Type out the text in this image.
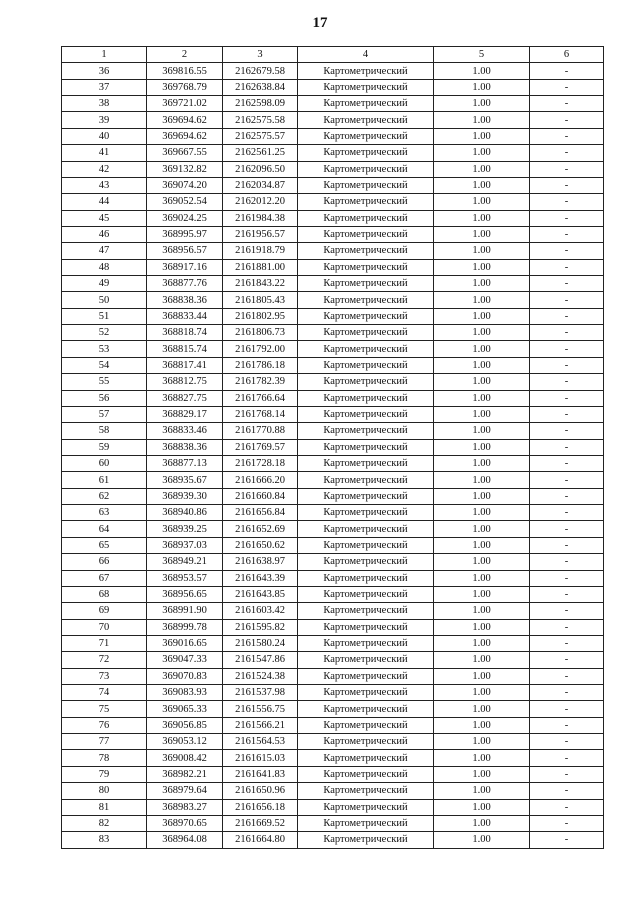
17
1	2	3	4	5	6
36	369816.55	2162679.58	Картометрический	1.00	-
37	369768.79	2162638.84	Картометрический	1.00	-
38	369721.02	2162598.09	Картометрический	1.00	-
39	369694.62	2162575.58	Картометрический	1.00	-
40	369694.62	2162575.57	Картометрический	1.00	-
41	369667.55	2162561.25	Картометрический	1.00	-
42	369132.82	2162096.50	Картометрический	1.00	-
43	369074.20	2162034.87	Картометрический	1.00	-
44	369052.54	2162012.20	Картометрический	1.00	-
45	369024.25	2161984.38	Картометрический	1.00	-
46	368995.97	2161956.57	Картометрический	1.00	-
47	368956.57	2161918.79	Картометрический	1.00	-
48	368917.16	2161881.00	Картометрический	1.00	-
49	368877.76	2161843.22	Картометрический	1.00	-
50	368838.36	2161805.43	Картометрический	1.00	-
51	368833.44	2161802.95	Картометрический	1.00	-
52	368818.74	2161806.73	Картометрический	1.00	-
53	368815.74	2161792.00	Картометрический	1.00	-
54	368817.41	2161786.18	Картометрический	1.00	-
55	368812.75	2161782.39	Картометрический	1.00	-
56	368827.75	2161766.64	Картометрический	1.00	-
57	368829.17	2161768.14	Картометрический	1.00	-
58	368833.46	2161770.88	Картометрический	1.00	-
59	368838.36	2161769.57	Картометрический	1.00	-
60	368877.13	2161728.18	Картометрический	1.00	-
61	368935.67	2161666.20	Картометрический	1.00	-
62	368939.30	2161660.84	Картометрический	1.00	-
63	368940.86	2161656.84	Картометрический	1.00	-
64	368939.25	2161652.69	Картометрический	1.00	-
65	368937.03	2161650.62	Картометрический	1.00	-
66	368949.21	2161638.97	Картометрический	1.00	-
67	368953.57	2161643.39	Картометрический	1.00	-
68	368956.65	2161643.85	Картометрический	1.00	-
69	368991.90	2161603.42	Картометрический	1.00	-
70	368999.78	2161595.82	Картометрический	1.00	-
71	369016.65	2161580.24	Картометрический	1.00	-
72	369047.33	2161547.86	Картометрический	1.00	-
73	369070.83	2161524.38	Картометрический	1.00	-
74	369083.93	2161537.98	Картометрический	1.00	-
75	369065.33	2161556.75	Картометрический	1.00	-
76	369056.85	2161566.21	Картометрический	1.00	-
77	369053.12	2161564.53	Картометрический	1.00	-
78	369008.42	2161615.03	Картометрический	1.00	-
79	368982.21	2161641.83	Картометрический	1.00	-
80	368979.64	2161650.96	Картометрический	1.00	-
81	368983.27	2161656.18	Картометрический	1.00	-
82	368970.65	2161669.52	Картометрический	1.00	-
83	368964.08	2161664.80	Картометрический	1.00	-
